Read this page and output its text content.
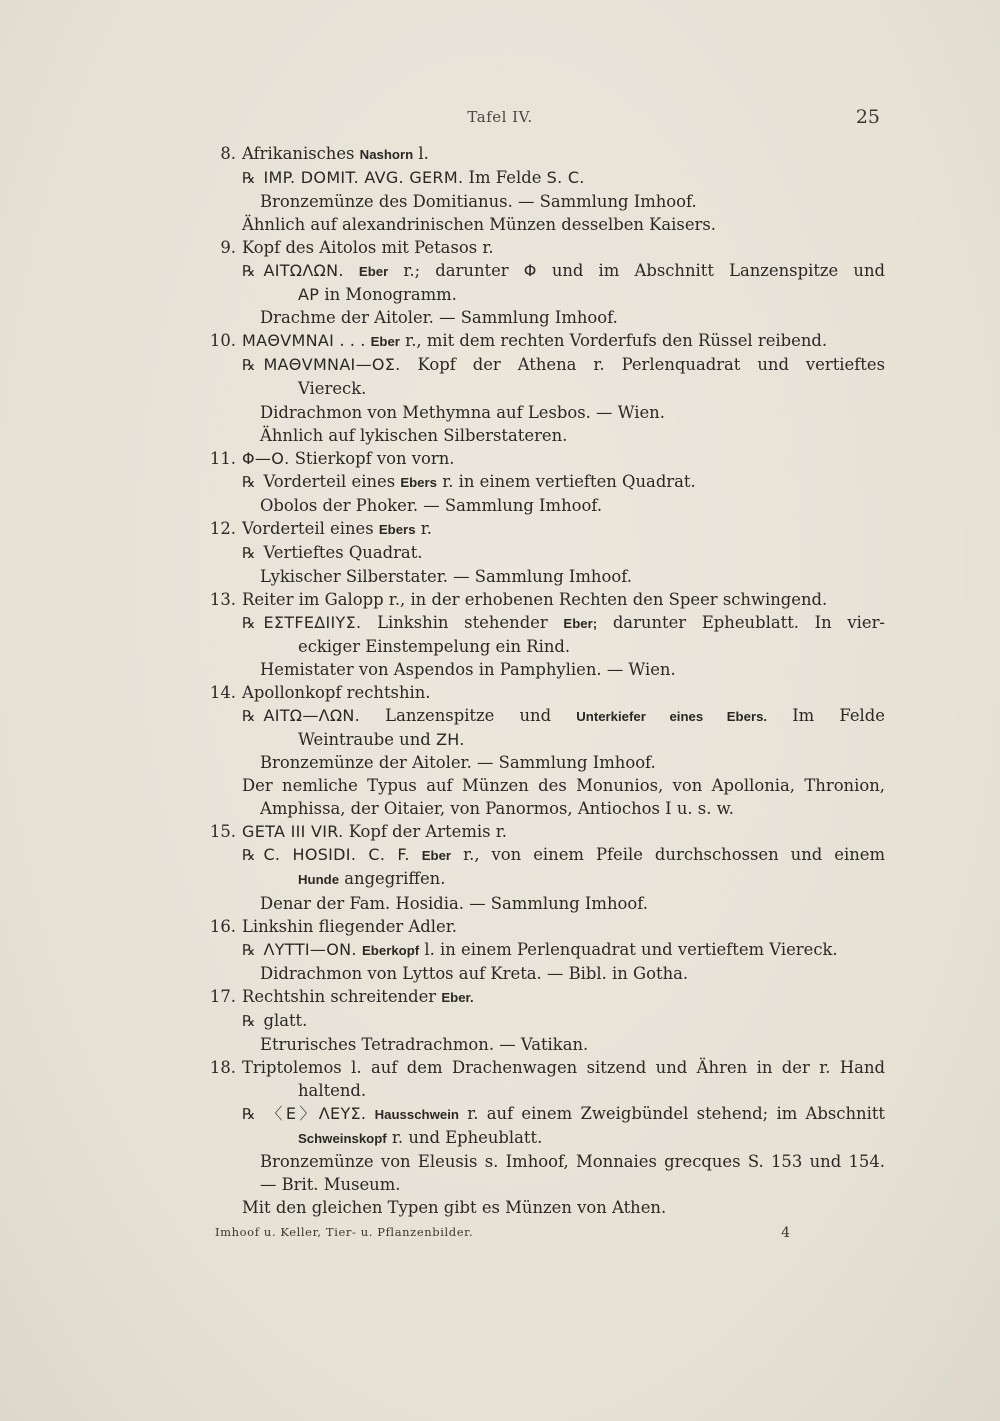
Tafel IV.	25
8. Afrikanisches Nashorn l.
℞ IMP. DOMIT. AVG. GERM. Im Felde S. C.
Bronzemünze des Domitianus. — Sammlung Imhoof.
Ähnlich auf alexandrinischen Münzen desselben Kaisers.
9. Kopf des Aitolos mit Petasos r.
℞ AITΩΛΩN. Eber r.; darunter Φ und im Abschnitt Lanzenspitze und
AP in Monogramm.
Drachme der Aitoler. — Sammlung Imhoof.
10. ΜΑΘVΜΝΑΙ . . . Eber r., mit dem rechten Vorderfufs den Rüssel reibend.
℞ ΜΑΘVΜΝΑΙ—ΟΣ. Kopf der Athena r. Perlenquadrat und vertieftes
Viereck.
Didrachmon von Methymna auf Lesbos. — Wien.
Ähnlich auf lykischen Silberstateren.
11. Φ—Ο. Stierkopf von vorn.
℞ Vorderteil eines Ebers r. in einem vertieften Quadrat.
Obolos der Phoker. — Sammlung Imhoof.
12. Vorderteil eines Ebers r.
℞ Vertieftes Quadrat.
Lykischer Silberstater. — Sammlung Imhoof.
13. Reiter im Galopp r., in der erhobenen Rechten den Speer schwingend.
℞ ΕΣΤFΕΔΙΙΥΣ. Linkshin stehender Eber; darunter Epheublatt. In vier-
eckiger Einstempelung ein Rind.
Hemistater von Aspendos in Pamphylien. — Wien.
14. Apollonkopf rechtshin.
℞ AITΩ—ΛΩN. Lanzenspitze und Unterkiefer eines Ebers. Im Felde
Weintraube und ZH.
Bronzemünze der Aitoler. — Sammlung Imhoof.
Der nemliche Typus auf Münzen des Monunios, von Apollonia, Thronion,
Amphissa, der Oitaier, von Panormos, Antiochos I u. s. w.
15. GETA III VIR. Kopf der Artemis r.
℞ C. HOSIDI. C. F. Eber r., von einem Pfeile durchschossen und einem
Hunde angegriffen.
Denar der Fam. Hosidia. — Sammlung Imhoof.
16. Linkshin fliegender Adler.
℞ ΛΥΤΤΙ—ΟΝ. Eberkopf l. in einem Perlenquadrat und vertieftem Viereck.
Didrachmon von Lyttos auf Kreta. — Bibl. in Gotha.
17. Rechtshin schreitender Eber.
℞ glatt.
Etrurisches Tetradrachmon. — Vatikan.
18. Triptolemos l. auf dem Drachenwagen sitzend und Ähren in der r. Hand
haltend.
℞ 〈Ε〉ΛΕΥΣ. Hausschwein r. auf einem Zweigbündel stehend; im Abschnitt
Schweinskopf r. und Epheublatt.
Bronzemünze von Eleusis s. Imhoof, Monnaies grecques S. 153 und 154.
— Brit. Museum.
Mit den gleichen Typen gibt es Münzen von Athen.
Imhoof u. Keller, Tier- u. Pflanzenbilder.	4
